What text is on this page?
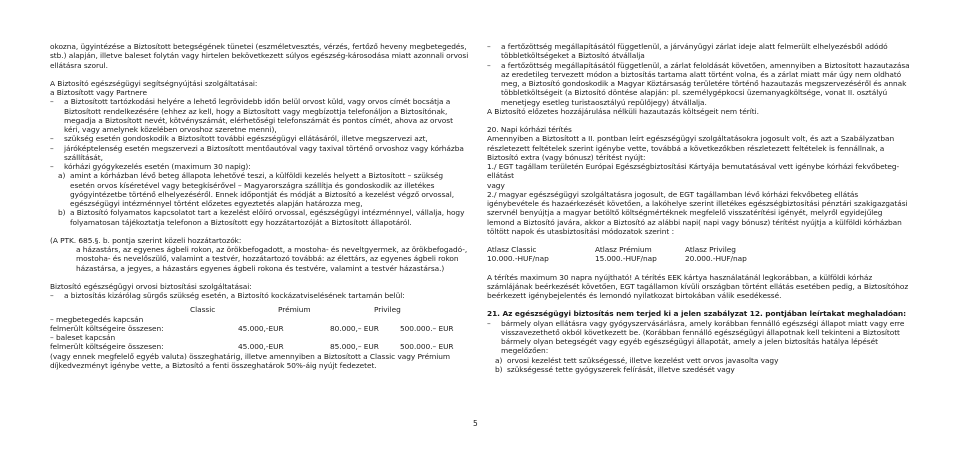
okozna, ügyintézése a Biztosított betegségének tünetei (eszméletvesztés, vérzés, fertőző heveny megbetegedés, stb.) alapján, illetve baleset folytán vagy hirtelen bekövetkezett súlyos egészség-károsodása miatt azonnali orvosi ellátásra szorul.

A Biztosító egészségügyi segítségnyújtási szolgáltatásai:

a Biztosított vagy Partnere

– a Biztosított tartózkodási helyére a lehető legrövidebb időn belül orvost küld, vagy orvos címét bocsátja a Biztosított rendelkezésére (ehhez az kell, hogy a Biztosított vagy megbízottja telefonáljon a Biztosítónak, megadja a Biztosított nevét, kötvényszámát, elérhetőségi telefonszámát és pontos címét, ahova az orvost kéri, vagy amelynek közelében orvoshoz szeretne menni),

– szükség esetén gondoskodik a Biztosított további egészségügyi ellátásáról, illetve megszervezi azt,

– járóképtelenség esetén megszervezi a Biztosított mentőautóval vagy taxival történő orvoshoz vagy kórházba szállítását,

– kórházi gyógykezelés esetén (maximum 30 napig):

a) amint a kórházban lévő beteg állapota lehetővé teszi, a külföldi kezelés helyett a Biztosított – szükség esetén orvos kíséretével vagy betegkísérővel – Magyarországra szállítja és gondoskodik az illetékes gyógyintézetbe történő elhelyezéséről. Ennek időpontját és módját a Biztosító a kezelést végző orvossal, egészségügyi intézménnyel történt előzetes egyeztetés alapján határozza meg,

b) a Biztosító folyamatos kapcsolatot tart a kezelést előíró orvossal, egészségügyi intézménnyel, vállalja, hogy folyamatosan tájékoztatja telefonon a Biztosított egy hozzátartozóját a Biztosított állapotáról.

(A PTK. 685.§. b. pontja szerint közeli hozzátartozók:

a házastárs, az egyenes ágbeli rokon, az örökbefogadott, a mostoha- és neveltgyermek, az örökbefogadó-, mostoha- és nevelőszülő, valamint a testvér, hozzátartozó továbbá: az élettárs, az egyenes ágbeli rokon házastársa, a jegyes, a házastárs egyenes ágbeli rokona és testvére, valamint a testvér házastársa.)

Biztosító egészségügyi orvosi biztosítási szolgáltatásai:

– a biztosítás kizárólag sürgős szükség esetén, a Biztosító kockázatviselésének tartamán belül:

Classic	Prémium	Privileg
– megbetegedés kapcsán
felmerült költségeire összesen:	45.000,-EUR	80.000,– EUR	500.000.– EUR
– baleset kapcsán
felmerült költségeire összesen:	45.000,-EUR	85.000,– EUR	500.000.– EUR

(vagy ennek megfelelő egyéb valuta) összeghatárig, illetve amennyiben a Biztosított a Classic vagy Prémium díjkedvezményt igénybe vette, a Biztosító a fenti összeghatárok 50%-áig nyújt fedezetet.

– a fertőzöttség megállapításától függetlenül, a járványügyi zárlat ideje alatt felmerült elhelyezésből adódó többletköltségeket a Biztosító átvállalja

– a fertőzöttség megállapításától függetlenül, a zárlat feloldását követően, amennyiben a Biztosított hazautazása az eredetileg tervezett módon a biztosítás tartama alatt történt volna, és a zárlat miatt már úgy nem oldható meg, a Biztosító gondoskodik a Magyar Köztársaság területére történő hazautazás megszervezéséről és annak többletköltségeit (a Biztosító döntése alapján: pl. személygépkocsi üzemanyagköltsége, vonat II. osztályú menetjegy esetleg turistaosztályú repülőjegy) átvállalja.

A Biztosító előzetes hozzájárulása nélküli hazautazás költségeit nem téríti.

20. Napi kórházi térítés

Amennyiben a Biztosított a II. pontban leírt egészségügyi szolgáltatásokra jogosult volt, és azt a Szabályzatban részletezett feltételek szerint igénybe vette, továbbá a következőkben részletezett feltételek is fennállnak, a Biztosító extra (vagy bónusz) térítést nyújt:

1./ EGT tagállam területén Európai Egészségbiztosítási Kártyája bemutatásával vett igénybe kórházi fekvőbeteg-ellátást

vagy

2./ magyar egészségügyi szolgáltatásra jogosult, de EGT tagállamban lévő kórházi fekvőbeteg ellátás igénybevétele és hazaérkezését követően, a lakóhelye szerint illetékes egészségbiztosítási pénztári szakigazgatási szervnél benyújtja a magyar betöltő költségmértéknek megfelelő visszatérítési igényét, melyről egyidejűleg lemond a Biztosító javára, akkor a Biztosító az alábbi napi( napi vagy bónusz) térítést nyújtja a külföldi kórházban töltött napok és utasbiztosítási módozatok szerint :

Atlasz Classic	Atlasz Prémium	Atlasz Privileg
10.000.-HUF/nap	15.000.-HUF/nap	20.000.-HUF/nap

A térítés maximum 30 napra nyújtható! A térítés EEK kártya használatánál legkorábban, a külföldi kórház számlájának beérkezését követően, EGT tagállamon kívüli országban történt ellátás esetében pedig, a Biztosítóhoz beérkezett igénybejelentés és lemondó nyilatkozat birtokában válik esedékessé.

21. Az egészségügyi biztosítás nem terjed ki a jelen szabályzat 12. pontjában leírtakat meghaladóan:

– bármely olyan ellátásra vagy gyógyszervásárlásra, amely korábban fennálló egészségi állapot miatt vagy erre visszavezethető okból következett be. (Korábban fennálló egészségügyi állapotnak kell tekinteni a Biztosított bármely olyan betegségét vagy egyéb egészségügyi állapotát, amely a jelen biztosítás hatálya lépését megelőzően:

a) orvosi kezelést tett szükségessé, illetve kezelést vett orvos javasolta vagy

b) szükségessé tette gyógyszerek felírását, illetve szedését vagy

5
